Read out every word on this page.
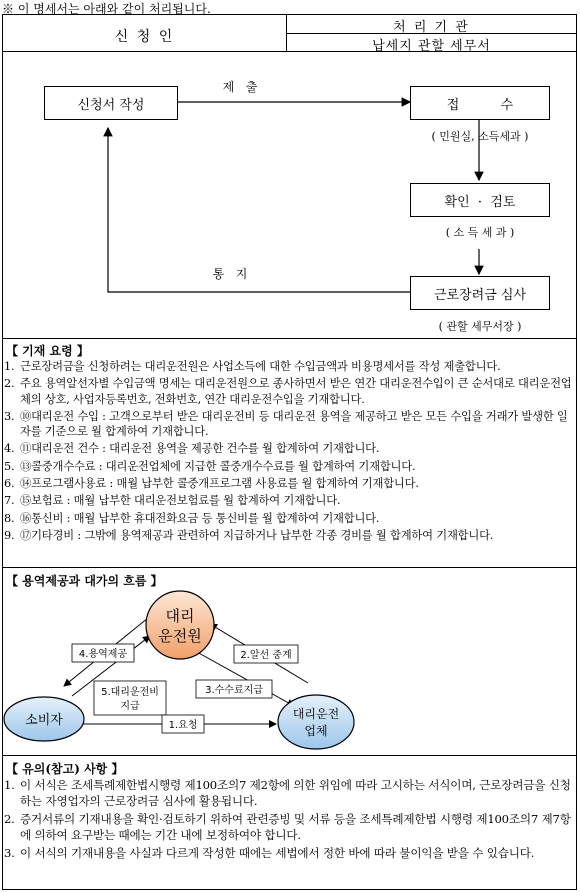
※ 이 명세서는 아래와 같이 처리됩니다.
신 청 인
처 리 기 관
납세지 관할 세무서
신청서 작성
제   출
접          수
( 민원실, 소득세과 )
확인  ·  검토
( 소 득 세 과 )
통   지
근로장려금 심사
( 관할 세무서장 )
【 기재 요령 】
1. 근로장려금을 신청하려는 대리운전원은 사업소득에 대한 수입금액과 비용명세서를 작성 제출합니다.
2. 주요 용역알선자별 수입금액 명세는 대리운전원으로 종사하면서 받은 연간 대리운전수입이 큰 순서대로 대리운전업체의 상호, 사업자등록번호, 전화번호, 연간 대리운전수입을 기재합니다.
3. ⑩대리운전 수입 : 고객으로부터 받은 대리운전비 등 대리운전 용역을 제공하고 받은 모든 수입을 거래가 발생한 일자를 기준으로 월 합계하여 기재합니다.
4. ⑪대리운전 건수 : 대리운전 용역을 제공한 건수를 월 합계하여 기재합니다.
5. ⑬콜중개수수료 : 대리운전업체에 지급한 콜중개수수료를 월 합계하여 기재합니다.
6. ⑭프로그램사용료 : 매월 납부한 콜중개프로그램 사용료를 월 합계하여 기재합니다.
7. ⑮보험료 : 매월 납부한 대리운전보험료를 월 합계하여 기재합니다.
8. ⑯통신비 : 매월 납부한 휴대전화요금 등 통신비를 월 합계하여 기재합니다.
9. ⑰기타경비 : 그밖에 용역제공과 관련하여 지급하거나 납부한 각종 경비를 월 합계하여 기재합니다.
【 용역제공과 대가의 흐름 】
대리
운전원
소비자	대리운전
업체
4.용역제공	2.알선 중계
5.대리운전비
지급
3.수수료지급
1.요청
【 유의(참고) 사항 】
1. 이 서식은 조세특례제한법시행령 제100조의7 제2항에 의한 위임에 따라 고시하는 서식이며, 근로장려금을 신청하는 자영업자의 근로장려금 심사에 활용됩니다.
2. 증거서류의 기재내용을 확인·검토하기 위하여 관련증빙 및 서류 등을 조세특례제한법 시행령 제100조의7 제7항에 의하여 요구받는 때에는 기간 내에 보정하여야 합니다.
3. 이 서식의 기재내용을 사실과 다르게 작성한 때에는 세법에서 정한 바에 따라 불이익을 받을 수 있습니다.
